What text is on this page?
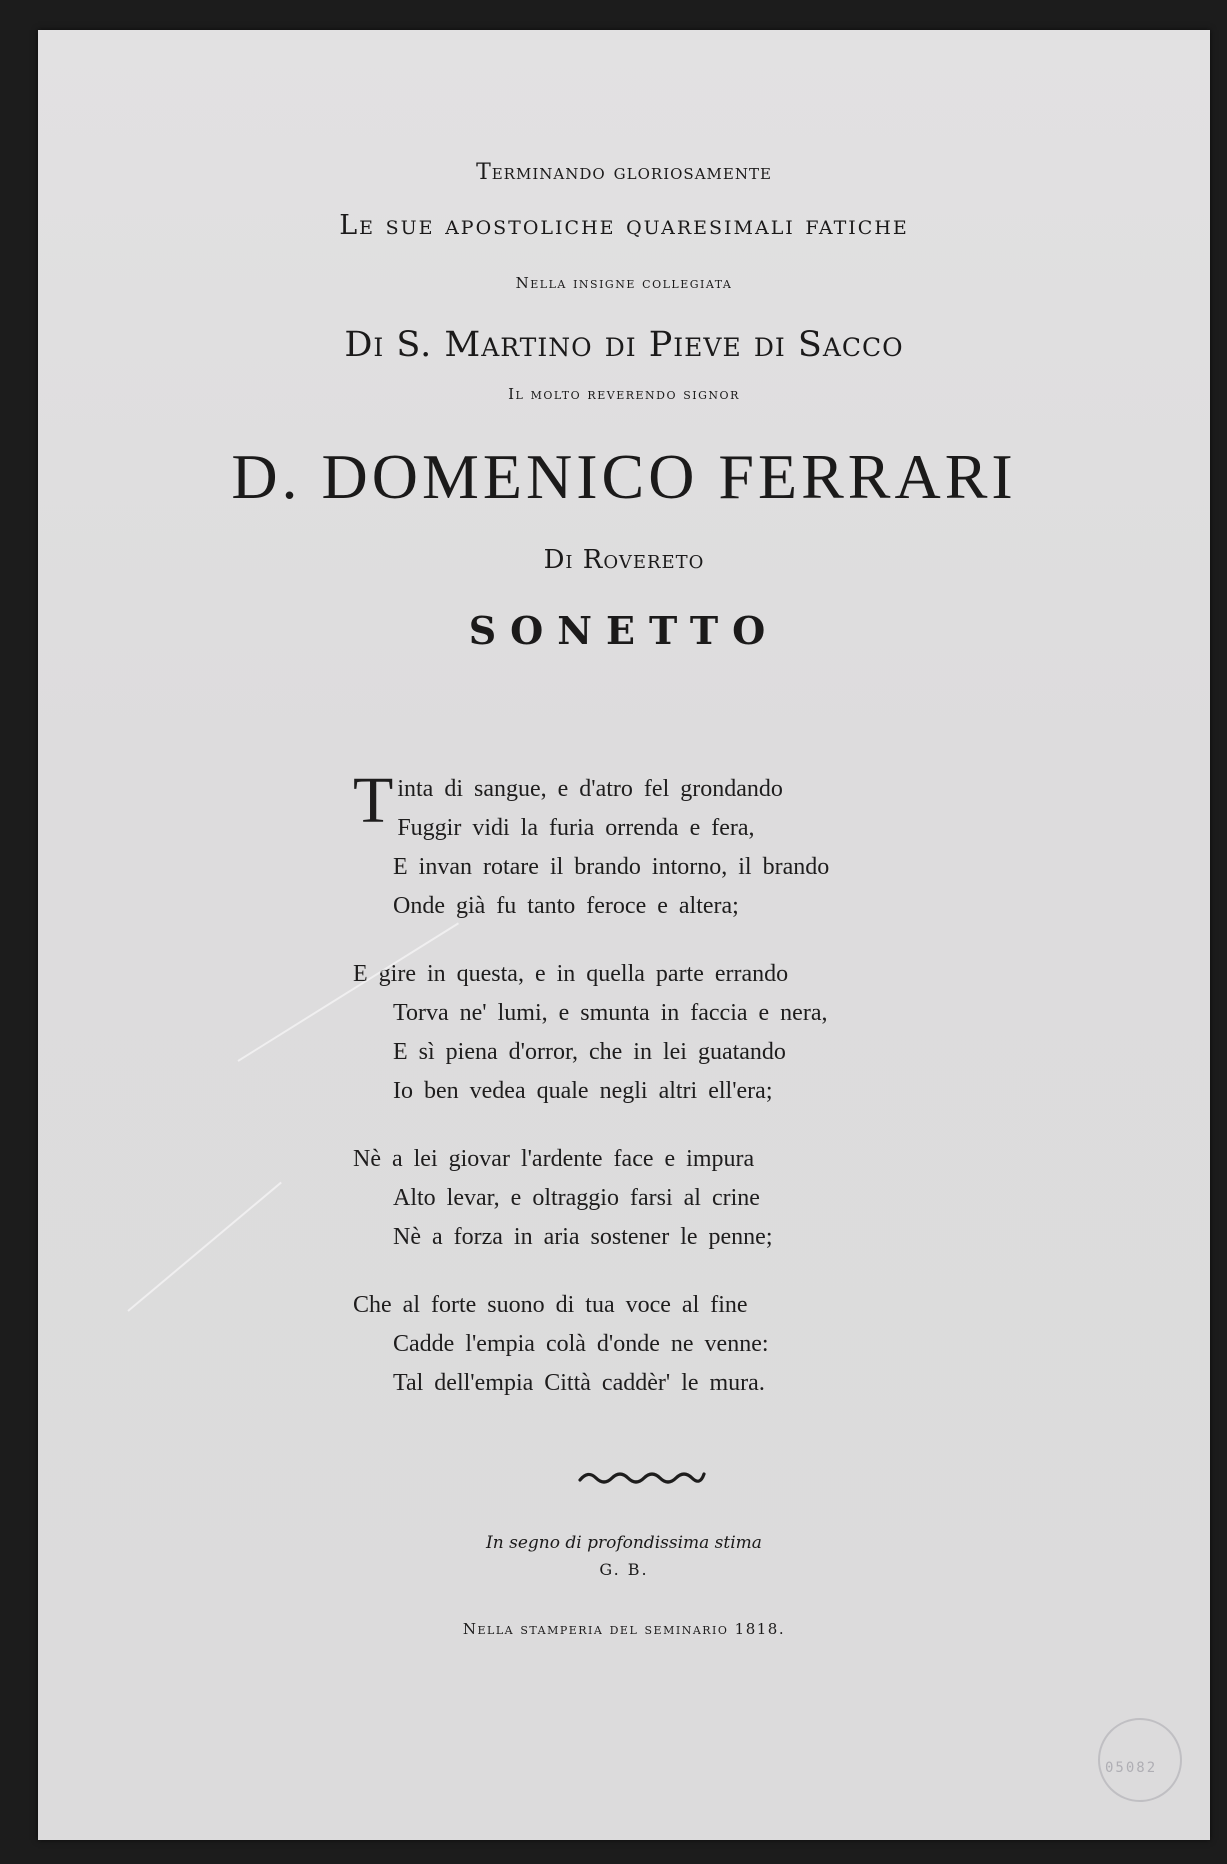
Terminando gloriosamente
Le sue apostoliche quaresimali fatiche
Nella insigne collegiata
Di S. Martino di Pieve di Sacco
Il molto reverendo signor
D. DOMENICO FERRARI
Di Rovereto
SONETTO
T inta di sangue, e d'atro fel grondando
Fuggir vidi la furia orrenda e fera,
E invan rotare il brando intorno, il brando
Onde già fu tanto feroce e altera;
E gire in questa, e in quella parte errando
Torva ne' lumi, e smunta in faccia e nera,
E sì piena d'orror, che in lei guatando
Io ben vedea quale negli altri ell'era;
Nè a lei giovar l'ardente face e impura
Alto levar, e oltraggio farsi al crine
Nè a forza in aria sostener le penne;
Che al forte suono di tua voce al fine
Cadde l'empia colà d'onde ne venne:
Tal dell'empia Città caddèr' le mura.
In segno di profondissima stima
G. B.
Nella stamperia del seminario 1818.
05082
